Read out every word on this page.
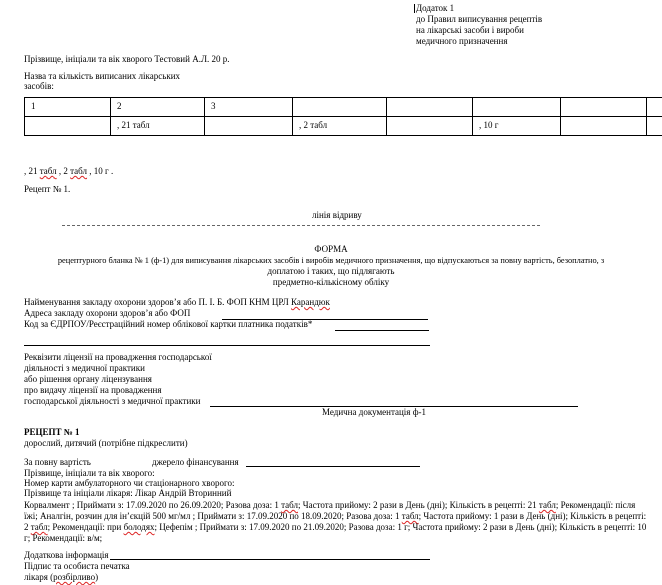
Додаток 1
до Правил виписування рецептів
на лікарські засоби і вироби
медичного призначення
Прізвище, ініціали та вік хворого Тестовий А.Л. 20 р.
Назва та кількість виписаних лікарських
засобів:
1	2	3					
	, 21 табл		, 2 табл		, 10 г		
, 21 табл , 2 табл , 10 г .
Рецепт № 1.
лінія відриву
ФОРМА
рецептурного бланка № 1 (ф-1) для виписування лікарських засобів і виробів медичного призначення, що відпускаються за повну вартість, безоплатно, з
доплатою і таких, що підлягають
предметно-кількісному обліку
Найменування закладу охорони здоров’я або П. І. Б. ФОП КНМ ЦРЛ Карандюк
Адреса закладу охорони здоров’я або ФОП
Код за ЄДРПОУ/Реєстраційний номер облікової картки платника податків*
Реквізити ліцензії на провадження господарської
діяльності з медичної практики
або рішення органу ліцензування
про видачу ліцензії на провадження
господарської діяльності з медичної практики
Медична документація ф-1
РЕЦЕПТ № 1
дорослий, дитячий (потрібне підкреслити)
За повну вартість	джерело фінансування
Прізвище, ініціали та вік хворого:
Номер карти амбулаторного чи стаціонарного хворого:
Прізвище та ініціали лікаря: Лікар Андрій Вторинний
Корвалмент ; Приймати з: 17.09.2020 по 26.09.2020; Разова доза: 1 табл; Частота прийому: 2 рази в День (дні); Кількість в рецепті: 21 табл; Рекомендації: після їжі; Аналгін, розчин для ін’єкцій 500 мг/мл ; Приймати з: 17.09.2020 по 18.09.2020; Разова доза: 1 табл; Частота прийому: 1 рази в День (дні); Кількість в рецепті: 2 табл; Рекомендації: при болодях; Цефепім ; Приймати з: 17.09.2020 по 21.09.2020; Разова доза: 1 г; Частота прийому: 2 рази в День (дні); Кількість в рецепті: 10 г; Рекомендації: в/м;
Додаткова інформація
Підпис та особиста печатка
лікаря (розбірливо)
